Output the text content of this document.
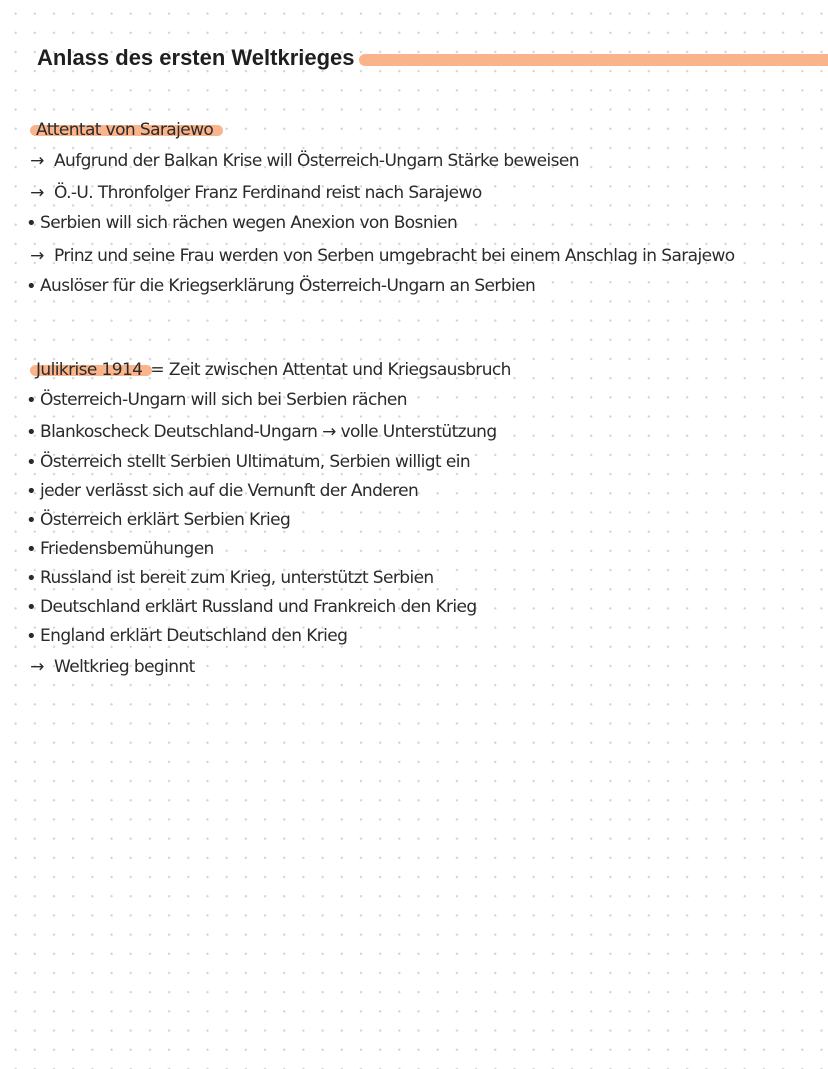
Anlass des ersten Weltkrieges
Attentat von Sarajewo
→ Aufgrund der Balkan Krise will Österreich-Ungarn Stärke beweisen
→ Ö.-U. Thronfolger Franz Ferdinand reist nach Sarajewo
• Serbien will sich rächen wegen Anexion von Bosnien
→ Prinz und seine Frau werden von Serben umgebracht bei einem Anschlag in Sarajewo
• Auslöser für die Kriegserklärung Österreich-Ungarn an Serbien
Julikrise 1914 = Zeit zwischen Attentat und Kriegsausbruch
• Österreich-Ungarn will sich bei Serbien rächen
• Blankoscheck Deutschland-Ungarn → volle Unterstützung
• Österreich stellt Serbien Ultimatum, Serbien willigt ein
• jeder verlässt sich auf die Vernunft der Anderen
• Österreich erklärt Serbien Krieg
• Friedensbemühungen
• Russland ist bereit zum Krieg, unterstützt Serbien
• Deutschland erklärt Russland und Frankreich den Krieg
• England erklärt Deutschland den Krieg
→ Weltkrieg beginnt
